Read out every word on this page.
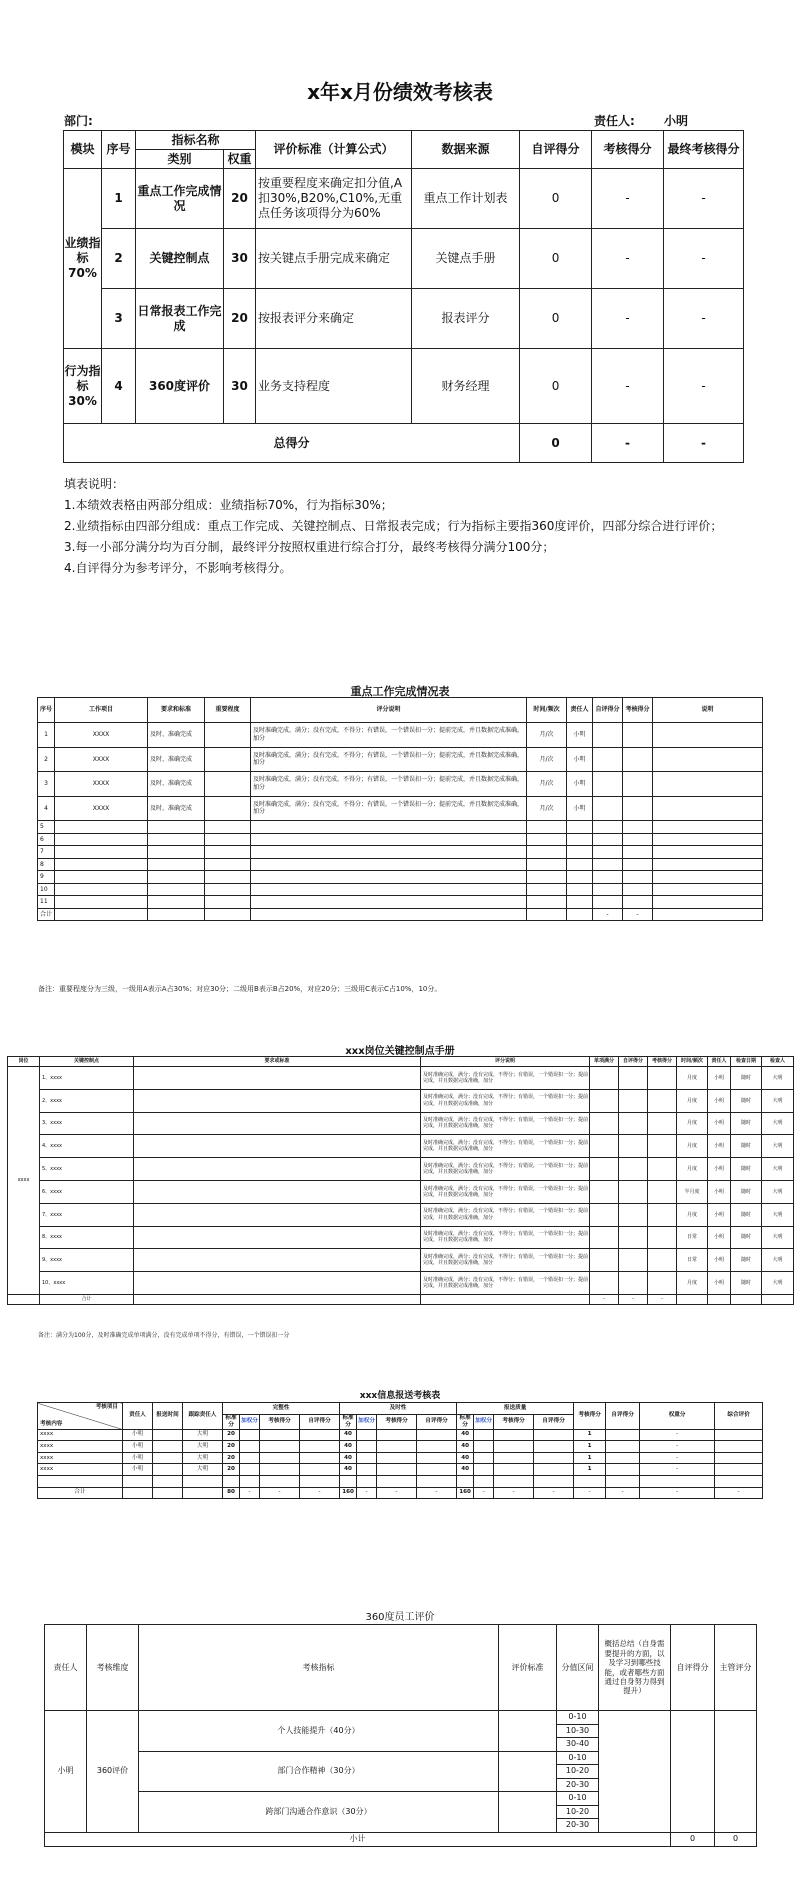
x年x月份绩效考核表
部门:	责任人: 小明
模块	序号	指标名称		评价标准（计算公式）	数据来源	自评得分	考核得分	最终考核得分
		类别	权重					
业绩指标70%	1	重点工作完成情况	20	按重要程度来确定扣分值,A扣30%,B20%,C10%,无重点任务该项得分为60%	重点工作计划表	0	-	-
	2	关键控制点	30	按关键点手册完成来确定	关键点手册	0	-	-
	3	日常报表工作完成	20	按报表评分来确定	报表评分	0	-	-
行为指标30%	4	360度评价	30	业务支持程度	财务经理	0	-	-
总得分						0	-	-
填表说明：
1.本绩效表格由两部分组成：业绩指标70%，行为指标30%；
2.业绩指标由四部分组成：重点工作完成、关键控制点、日常报表完成；行为指标主要指360度评价，四部分综合进行评价；
3.每一小部分满分均为百分制，最终评分按照权重进行综合打分，最终考核得分满分100分；
4.自评得分为参考评分，不影响考核得分。
重点工作完成情况表
序号	工作项目	要求和标准	重要程度	评分说明	时间/频次	责任人	自评得分	考核得分	说明
1	XXXX	及时、准确完成		及时准确完成，满分；没有完成，不得分；有错误，一个错误扣一分；提前完成，并且数据完成准确，加分	月/次	小明			
2	XXXX	及时、准确完成		及时准确完成，满分；没有完成，不得分；有错误，一个错误扣一分；提前完成，并且数据完成准确，加分	月/次	小明			
3	XXXX	及时、准确完成		及时准确完成，满分；没有完成，不得分；有错误，一个错误扣一分；提前完成，并且数据完成准确，加分	月/次	小明			
4	XXXX	及时、准确完成		及时准确完成，满分；没有完成，不得分；有错误，一个错误扣一分；提前完成，并且数据完成准确，加分	月/次	小明			
5									
6									
7									
8									
9									
10									
11									
合计							-	-	
备注：重要程度分为三级，一级用A表示A占30%；对应30分；二级用B表示B占20%，对应20分；三级用C表示C占10%，10分。
xxx岗位关键控制点手册
岗位	关键控制点	要求或标准	评分说明	单项满分	自评得分	考核得分	时间/频次	责任人	检查日期	检查人
xxxx	1、xxxx		及时准确完成，满分；没有完成，不得分；有错误，一个错误扣一分；提前完成，并且数据完成准确，加分				月度	小明	随时	大明
	2、xxxx		及时准确完成，满分；没有完成，不得分；有错误，一个错误扣一分；提前完成，并且数据完成准确，加分				月度	小明	随时	大明
	3、xxxx		及时准确完成，满分；没有完成，不得分；有错误，一个错误扣一分；提前完成，并且数据完成准确，加分				月度	小明	随时	大明
	4、xxxx		及时准确完成，满分；没有完成，不得分；有错误，一个错误扣一分；提前完成，并且数据完成准确，加分				月度	小明	随时	大明
	5、xxxx		及时准确完成，满分；没有完成，不得分；有错误，一个错误扣一分；提前完成，并且数据完成准确，加分				月度	小明	随时	大明
	6、xxxx		及时准确完成，满分；没有完成，不得分；有错误，一个错误扣一分；提前完成，并且数据完成准确，加分				半月度	小明	随时	大明
	7、xxxx		及时准确完成，满分；没有完成，不得分；有错误，一个错误扣一分；提前完成，并且数据完成准确，加分				月度	小明	随时	大明
	8、xxxx		及时准确完成，满分；没有完成，不得分；有错误，一个错误扣一分；提前完成，并且数据完成准确，加分				日常	小明	随时	大明
	9、xxxx		及时准确完成，满分；没有完成，不得分；有错误，一个错误扣一分；提前完成，并且数据完成准确，加分				日常	小明	随时	大明
	10、xxxx		及时准确完成，满分；没有完成，不得分；有错误，一个错误扣一分；提前完成，并且数据完成准确，加分				月度	小明	随时	大明
	合计			-	-	-				
备注：满分为100分，及时准确完成单项满分，没有完成单项不得分，有错误，一个错误扣一分
xxx信息报送考核表
考核项目
考核内容	责任人	报送时间	跟踪责任人	完整性				及时性				报送质量				考核得分	自评得分	权重分	综合评价
				标准分	加权分	考核得分	自评得分	标准分	加权分	考核得分	自评得分	标准分	加权分	考核得分	自评得分				
xxxx	小明		大明	20				40				40				1		-	
xxxx	小明		大明	20				40				40				1		-	
xxxx	小明		大明	20				40				40				1		-	
xxxx	小明		大明	20				40				40				1		-	

合计				80	-	-	-	160	-	-	-	160	-	-	-	-	-	-	-
360度员工评价
责任人	考核维度	考核指标	评价标准	分值区间	概括总结（自身需要提升的方面，以及学习到哪些技能，或者哪些方面通过自身努力得到提升）	自评得分	主管评分
小明	360评价	个人技能提升（40分）		0-10			
				10-30			
				30-40			
		部门合作精神（30分）		0-10			
				10-20			
				20-30			
		跨部门沟通合作意识（30分）		0-10			
				10-20			
				20-30			
小计						0	0
